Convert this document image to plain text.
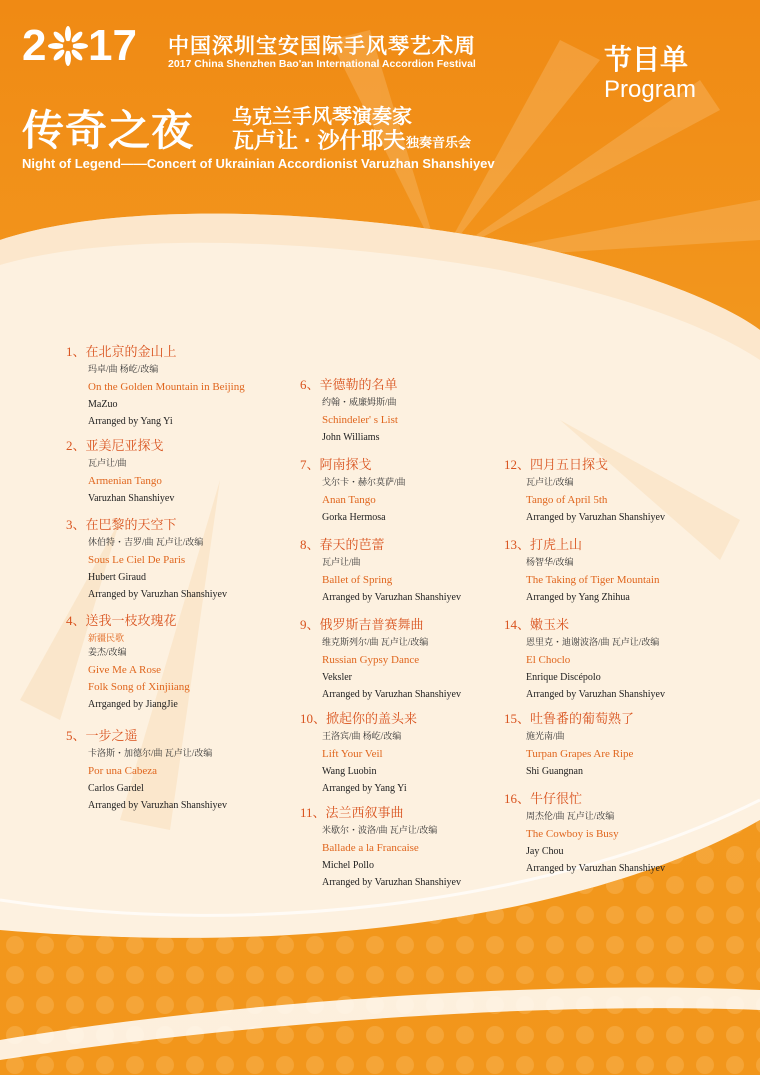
2 17 中国深圳宝安国际手风琴艺术周
2017 China Shenzhen Bao'an International Accordion Festival	节目单
Program
传奇之夜 乌克兰手风琴演奏家
瓦卢让 · 沙什耶夫 独奏音乐会
Night of Legend——Concert of Ukrainian Accordionist Varuzhan Shanshiyev
1、在北京的金山上
玛卓/曲 杨屹/改编
On the Golden Mountain in Beijing
MaZuo
Arranged by Yang Yi
2、亚美尼亚探戈
瓦卢让/曲
Armenian Tango
Varuzhan Shanshiyev
3、在巴黎的天空下
休伯特・吉罗/曲 瓦卢让/改编
Sous Le Ciel De Paris
Hubert Giraud
Arranged by Varuzhan Shanshiyev
4、送我一枝玫瑰花
新疆民歌
姜杰/改编
Give Me A Rose
Folk Song of Xinjiiang
Arrganged by JiangJie
5、一步之遥
卡洛斯・加德尔/曲 瓦卢让/改编
Por una Cabeza
Carlos Gardel
Arranged by Varuzhan Shanshiyev
6、辛德勒的名单
约翰・威廉姆斯/曲
Schindeler' s List
John Williams
7、阿南探戈
戈尔卡・赫尔莫萨/曲
Anan Tango
Gorka Hermosa
8、春天的芭蕾
瓦卢让/曲
Ballet of Spring
Arranged by Varuzhan Shanshiyev
9、俄罗斯吉普赛舞曲
维克斯列尔/曲 瓦卢让/改编
Russian Gypsy Dance
Veksler
Arranged by Varuzhan Shanshiyev
10、掀起你的盖头来
王洛宾/曲 杨屹/改编
Lift Your Veil
Wang Luobin
Arranged by Yang Yi
11、法兰西叙事曲
米歇尔・波洛/曲 瓦卢让/改编
Ballade a la Francaise
Michel Pollo
Arranged by Varuzhan Shanshiyev
12、四月五日探戈
瓦卢让/改编
Tango of April 5th
Arranged by Varuzhan Shanshiyev
13、打虎上山
杨智华/改编
The Taking of Tiger Mountain
Arranged by Yang Zhihua
14、嫩玉米
恩里克・迪谢波洛/曲 瓦卢让/改编
El Choclo
Enrique Discépolo
Arranged by Varuzhan Shanshiyev
15、吐鲁番的葡萄熟了
施光南/曲
Turpan Grapes Are Ripe
Shi Guangnan
16、牛仔很忙
周杰伦/曲 瓦卢让/改编
The Cowboy is Busy
Jay Chou
Arranged by Varuzhan Shanshiyev
